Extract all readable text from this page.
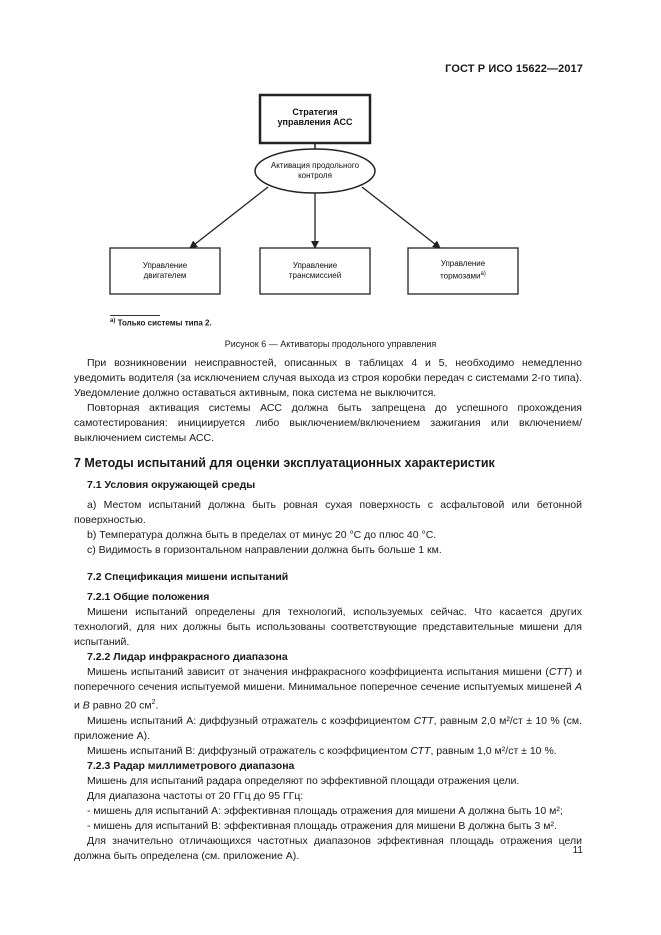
ГОСТ Р ИСО 15622—2017
Стратегия
управления АСС
Активация продольного
контроля
Управление
двигателем
Управление
трансмиссией
Управление
тормозами$^{a)}$
$^{a)}$ Только системы типа 2.
Рисунок 6 — Активаторы продольного управления

При возникновении неисправностей, описанных в таблицах 4 и 5, необходимо немедленно уведомить водителя (за исключением случая выхода из строя коробки передач с системами 2-го типа). Уведомление должно оставаться активным, пока система не выключится.

Повторная активация системы АСС должна быть запрещена до успешного прохождения самотестирования: инициируется либо выключением/включением зажигания или включением/выключением системы АСС.

7 Методы испытаний для оценки эксплуатационных характеристик

7.1 Условия окружающей среды

a) Местом испытаний должна быть ровная сухая поверхность с асфальтовой или бетонной поверхностью.

b) Температура должна быть в пределах от минус 20 °С до плюс 40 °С.

c) Видимость в горизонтальном направлении должна быть больше 1 км.

7.2 Спецификация мишени испытаний

7.2.1 Общие положения

Мишени испытаний определены для технологий, используемых сейчас. Что касается других технологий, для них должны быть использованы соответствующие представительные мишени для испытаний.

7.2.2 Лидар инфракрасного диапазона

Мишень испытаний зависит от значения инфракрасного коэффициента испытания мишени (СТТ) и поперечного сечения испытуемой мишени. Минимальное поперечное сечение испытуемых мишеней А и В равно 20 $см^2$.

Мишень испытаний А: диффузный отражатель с коэффициентом СТТ, равным 2,0 м²/ст ± 10 % (см. приложение А).

Мишень испытаний В: диффузный отражатель с коэффициентом СТТ, равным 1,0 м²/ст ± 10 %.

7.2.3 Радар миллиметрового диапазона

Мишень для испытаний радара определяют по эффективной площади отражения цели.

Для диапазона частоты от 20 ГГц до 95 ГГц:

- мишень для испытаний А: эффективная площадь отражения для мишени А должна быть 10 м²;

- мишень для испытаний В: эффективная площадь отражения для мишени В должна быть 3 м².

Для значительно отличающихся частотных диапазонов эффективная площадь отражения цели должна быть определена (см. приложение А).	11
